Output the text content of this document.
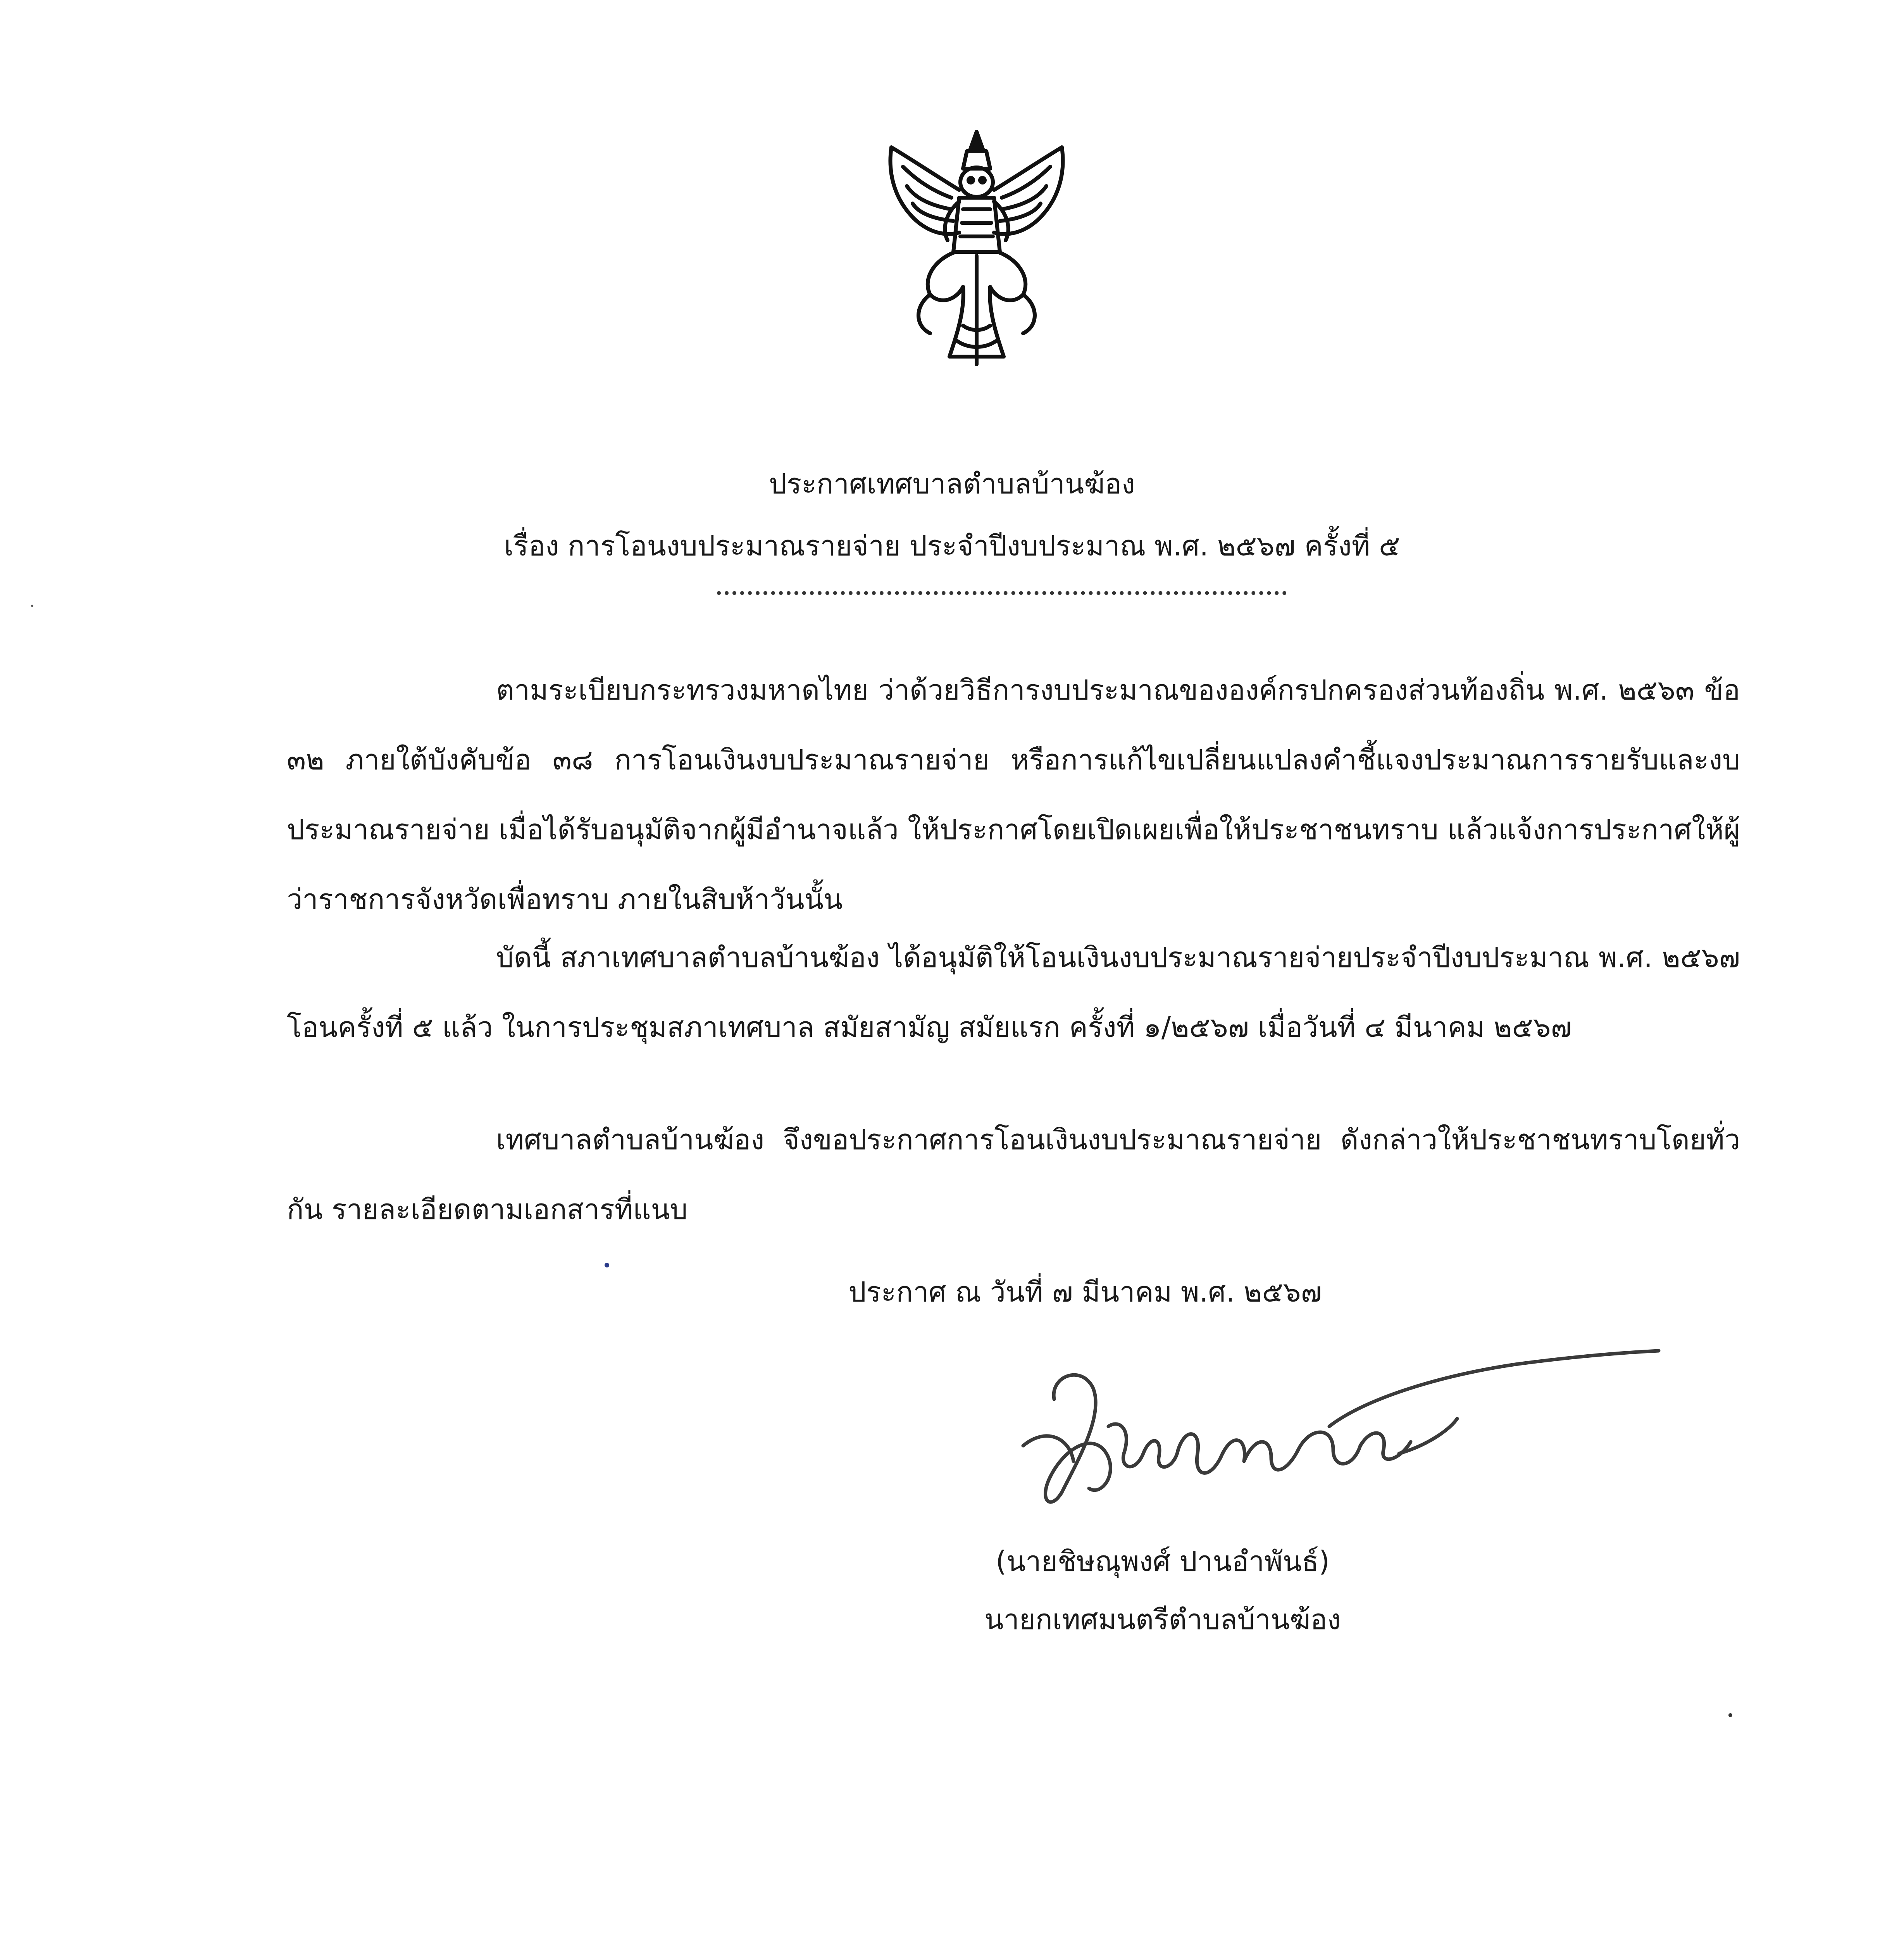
ประกาศเทศบาลตำบลบ้านฆ้อง
เรื่อง การโอนงบประมาณรายจ่าย ประจำปีงบประมาณ พ.ศ. ๒๕๖๗ ครั้งที่ ๕
ตามระเบียบกระทรวงมหาดไทย ว่าด้วยวิธีการงบประมาณขององค์กรปกครองส่วนท้องถิ่น พ.ศ. ๒๕๖๓ ข้อ ๓๒ ภายใต้บังคับข้อ ๓๘ การโอนเงินงบประมาณรายจ่าย หรือการแก้ไขเปลี่ยนแปลงคำชี้แจงประมาณการรายรับและงบประมาณรายจ่าย เมื่อได้รับอนุมัติจากผู้มีอำนาจแล้ว ให้ประกาศโดยเปิดเผยเพื่อให้ประชาชนทราบ แล้วแจ้งการประกาศให้ผู้ว่าราชการจังหวัดเพื่อทราบ ภายในสิบห้าวันนั้น
บัดนี้ สภาเทศบาลตำบลบ้านฆ้อง ได้อนุมัติให้โอนเงินงบประมาณรายจ่ายประจำปีงบประมาณ พ.ศ. ๒๕๖๗ โอนครั้งที่ ๕ แล้ว ในการประชุมสภาเทศบาล สมัยสามัญ สมัยแรก ครั้งที่ ๑/๒๕๖๗ เมื่อวันที่ ๔ มีนาคม ๒๕๖๗
เทศบาลตำบลบ้านฆ้อง จึงขอประกาศการโอนเงินงบประมาณรายจ่าย ดังกล่าวให้ประชาชนทราบโดยทั่วกัน รายละเอียดตามเอกสารที่แนบ
ประกาศ ณ วันที่ ๗ มีนาคม พ.ศ. ๒๕๖๗
(นายชิษณุพงศ์ ปานอำพันธ์)
นายกเทศมนตรีตำบลบ้านฆ้อง
